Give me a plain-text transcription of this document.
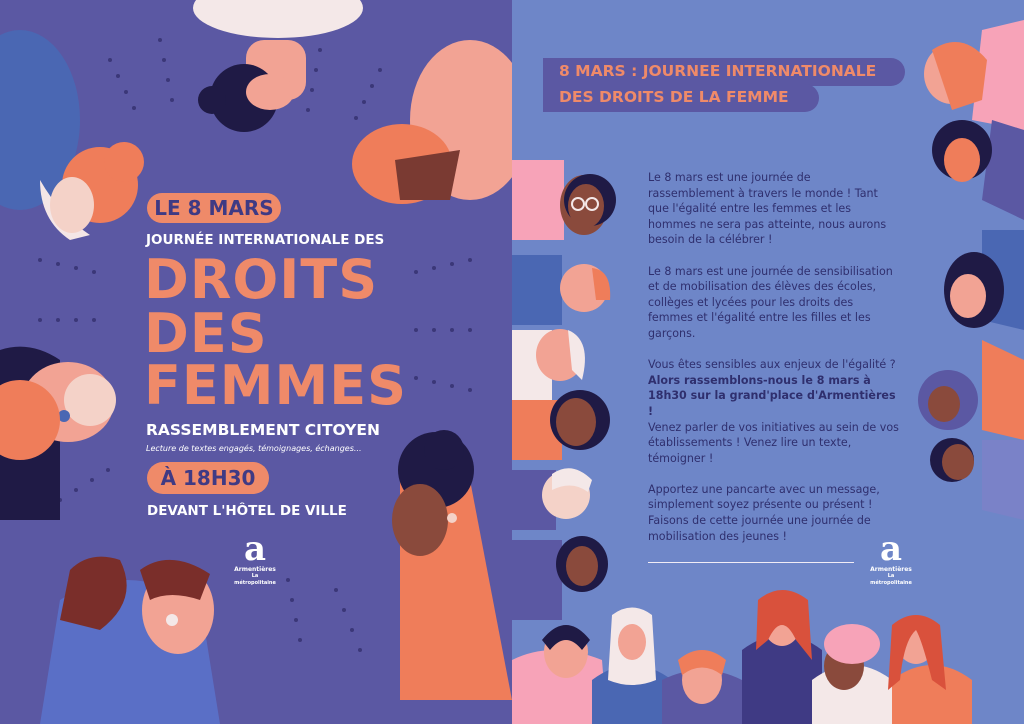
LE 8 MARS
JOURNÉE INTERNATIONALE DES
DROITS
DES
FEMMES
RASSEMBLEMENT CITOYEN
Lecture de textes engagés, témoignages, échanges...
À 18H30
DEVANT L'HÔTEL DE VILLE
a
Armentières
La métropolitaine
8 MARS : JOURNEE INTERNATIONALE
DES DROITS DE LA FEMME

Le 8 mars est une journée de rassemblement à travers le monde ! Tant que l'égalité entre les femmes et les hommes ne sera pas atteinte, nous aurons besoin de la célébrer !

Le 8 mars est une journée de sensibilisation et de mobilisation des élèves des écoles, collèges et lycées pour les droits des femmes et l'égalité entre les filles et les garçons.

Vous êtes sensibles aux enjeux de l'égalité ? Alors rassemblons-nous le 8 mars à 18h30 sur la grand'place d'Armentières !
Venez parler de vos initiatives au sein de vos établissements ! Venez lire un texte, témoigner !

Apportez une pancarte avec un message, simplement soyez présente ou présent !

Faisons de cette journée une journée de mobilisation des jeunes !	a
Armentières
La métropolitaine
